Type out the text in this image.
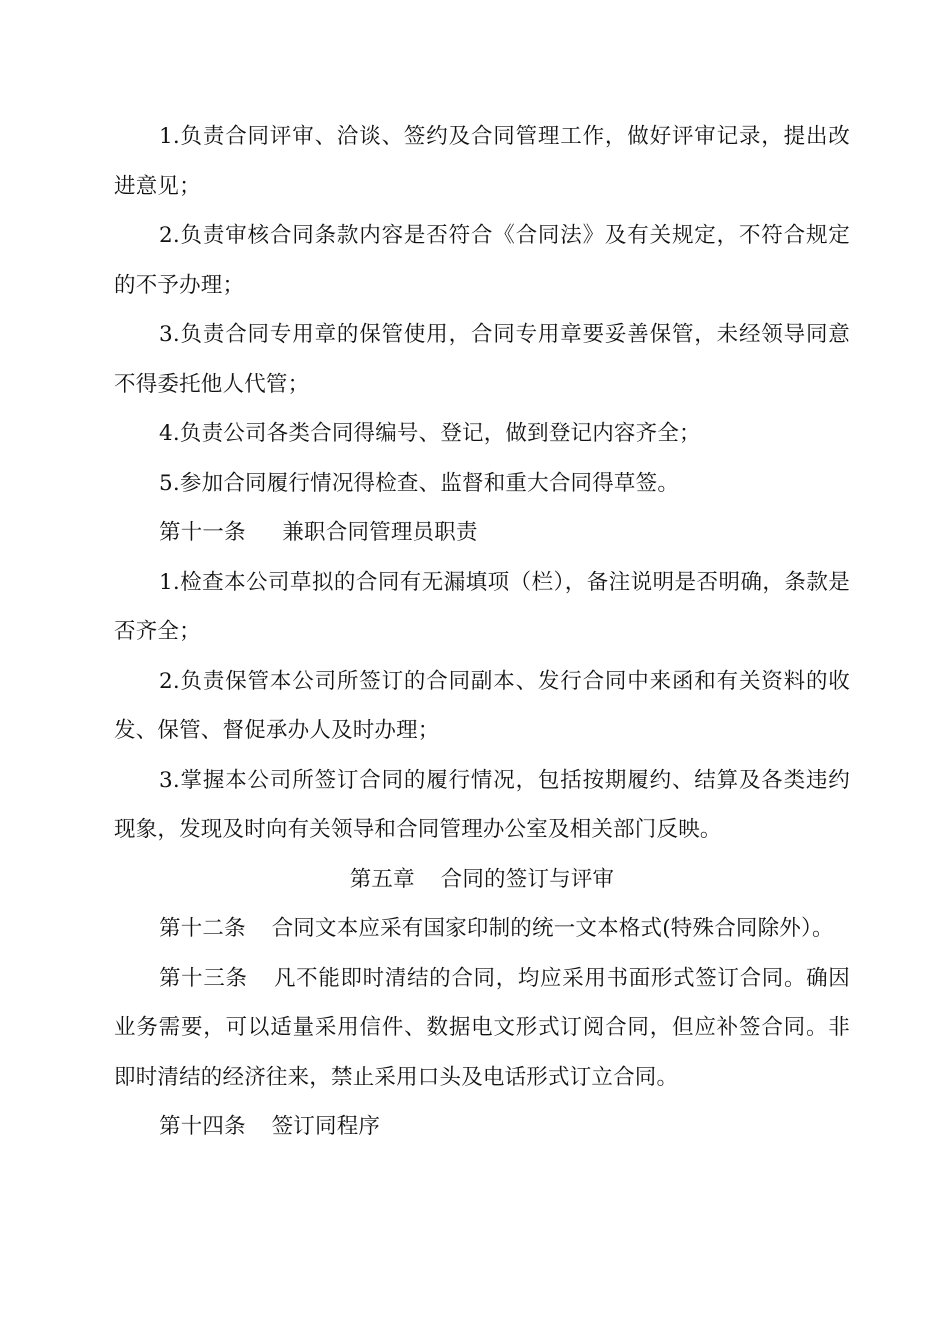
1.负责合同评审、洽谈、签约及合同管理工作，做好评审记录，提出改进意见；

2.负责审核合同条款内容是否符合《合同法》及有关规定，不符合规定的不予办理；

3.负责合同专用章的保管使用，合同专用章要妥善保管，未经领导同意不得委托他人代管；

4.负责公司各类合同得编号、登记，做到登记内容齐全；

5.参加合同履行情况得检查、监督和重大合同得草签。

第十一条 兼职合同管理员职责

1.检查本公司草拟的合同有无漏填项（栏），备注说明是否明确，条款是否齐全；

2.负责保管本公司所签订的合同副本、发行合同中来函和有关资料的收发、保管、督促承办人及时办理；

3.掌握本公司所签订合同的履行情况，包括按期履约、结算及各类违约现象，发现及时向有关领导和合同管理办公室及相关部门反映。

第五章 合同的签订与评审

第十二条 合同文本应采有国家印制的统一文本格式(特殊合同除外）。

第十三条 凡不能即时清结的合同，均应采用书面形式签订合同。确因业务需要，可以适量采用信件、数据电文形式订阅合同，但应补签合同。非即时清结的经济往来，禁止采用口头及电话形式订立合同。

第十四条 签订同程序
